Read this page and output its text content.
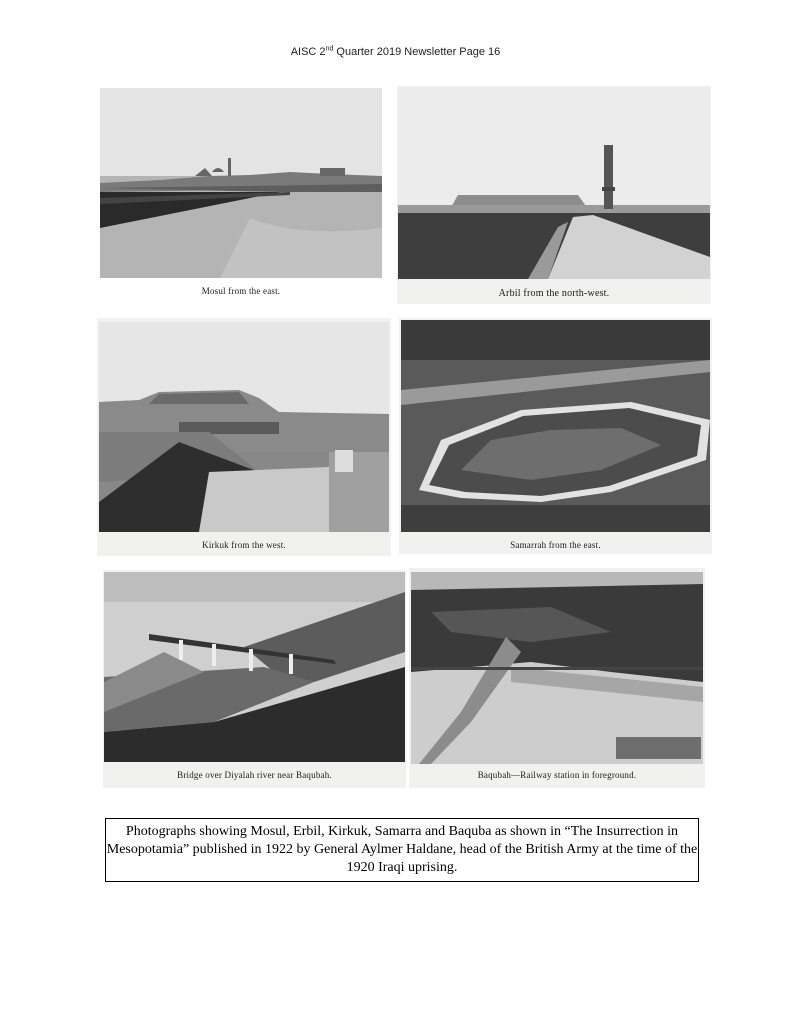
AISC 2nd Quarter 2019 Newsletter Page 16
Mosul from the east.	Arbil from the north-west.
Kirkuk from the west.	Samarrah from the east.
Bridge over Diyalah river near Baqubah.	Baqubah—Railway station in foreground.
Photographs showing Mosul, Erbil, Kirkuk, Samarra and Baquba as shown in “The Insurrection in Mesopotamia” published in 1922 by General Aylmer Haldane, head of the British Army at the time of the 1920 Iraqi uprising.
